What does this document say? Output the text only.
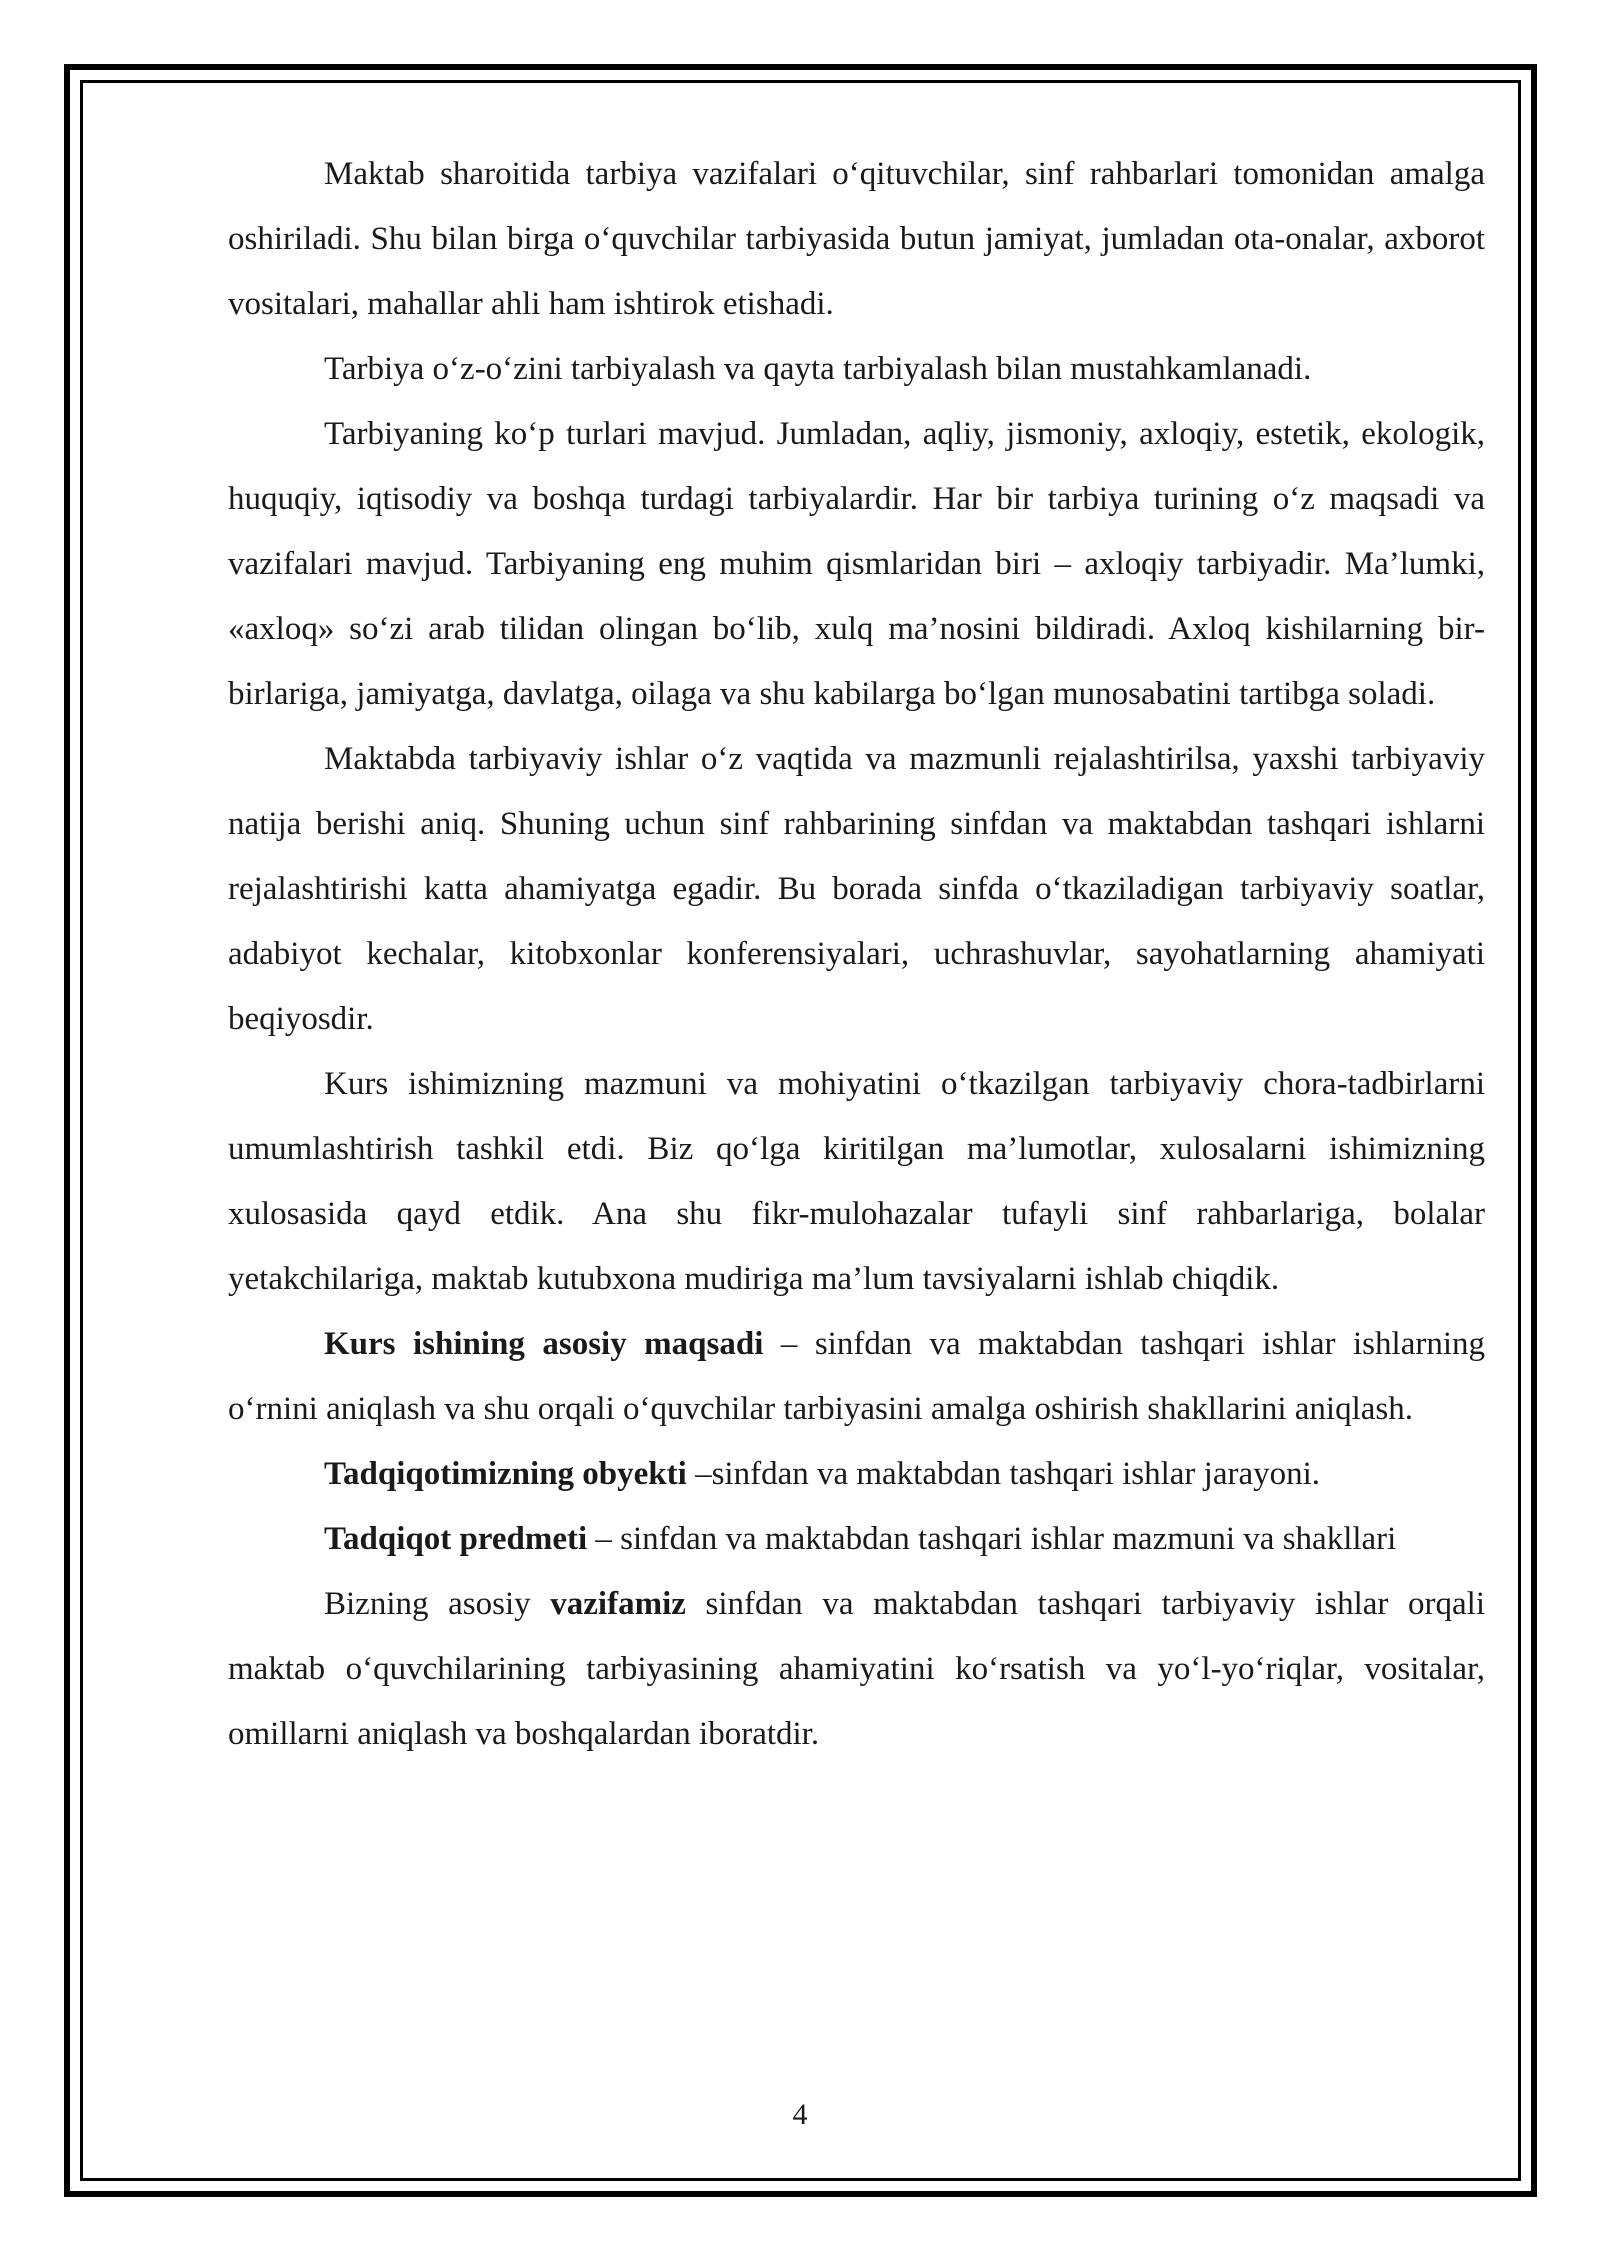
Maktab sharoitida tarbiya vazifalari o‘qituvchilar, sinf rahbarlari tomonidan amalga oshiriladi. Shu bilan birga o‘quvchilar tarbiyasida butun jamiyat, jumladan ota-onalar, axborot vositalari, mahallar ahli ham ishtirok etishadi.

Tarbiya o‘z-o‘zini tarbiyalash va qayta tarbiyalash bilan mustahkamlanadi.

Tarbiyaning ko‘p turlari mavjud. Jumladan, aqliy, jismoniy, axloqiy, estetik, ekologik, huquqiy, iqtisodiy va boshqa turdagi tarbiyalardir. Har bir tarbiya turining o‘z maqsadi va vazifalari mavjud. Tarbiyaning eng muhim qismlaridan biri – axloqiy tarbiyadir. Ma’lumki, «axloq» so‘zi arab tilidan olingan bo‘lib, xulq ma’nosini bildiradi. Axloq kishilarning bir-birlariga, jamiyatga, davlatga, oilaga va shu kabilarga bo‘lgan munosabatini tartibga soladi.

Maktabda tarbiyaviy ishlar o‘z vaqtida va mazmunli rejalashtirilsa, yaxshi tarbiyaviy natija berishi aniq. Shuning uchun sinf rahbarining sinfdan va maktabdan tashqari ishlarni rejalashtirishi katta ahamiyatga egadir. Bu borada sinfda o‘tkaziladigan tarbiyaviy soatlar, adabiyot kechalar, kitobxonlar konferensiyalari, uchrashuvlar, sayohatlarning ahamiyati beqiyosdir.

Kurs ishimizning mazmuni va mohiyatini o‘tkazilgan tarbiyaviy chora-tadbirlarni umumlashtirish tashkil etdi. Biz qo‘lga kiritilgan ma’lumotlar, xulosalarni ishimizning xulosasida qayd etdik. Ana shu fikr-mulohazalar tufayli sinf rahbarlariga, bolalar yetakchilariga, maktab kutubxona mudiriga ma’lum tavsiyalarni ishlab chiqdik.

Kurs ishining asosiy maqsadi – sinfdan va maktabdan tashqari ishlar ishlarning o‘rnini aniqlash va shu orqali o‘quvchilar tarbiyasini amalga oshirish shakllarini aniqlash.

Tadqiqotimizning obyekti –sinfdan va maktabdan tashqari ishlar jarayoni.

Tadqiqot predmeti – sinfdan va maktabdan tashqari ishlar mazmuni va shakllari

Bizning asosiy vazifamiz sinfdan va maktabdan tashqari tarbiyaviy ishlar orqali maktab o‘quvchilarining tarbiyasining ahamiyatini ko‘rsatish va yo‘l-yo‘riqlar, vositalar, omillarni aniqlash va boshqalardan iboratdir.

4
